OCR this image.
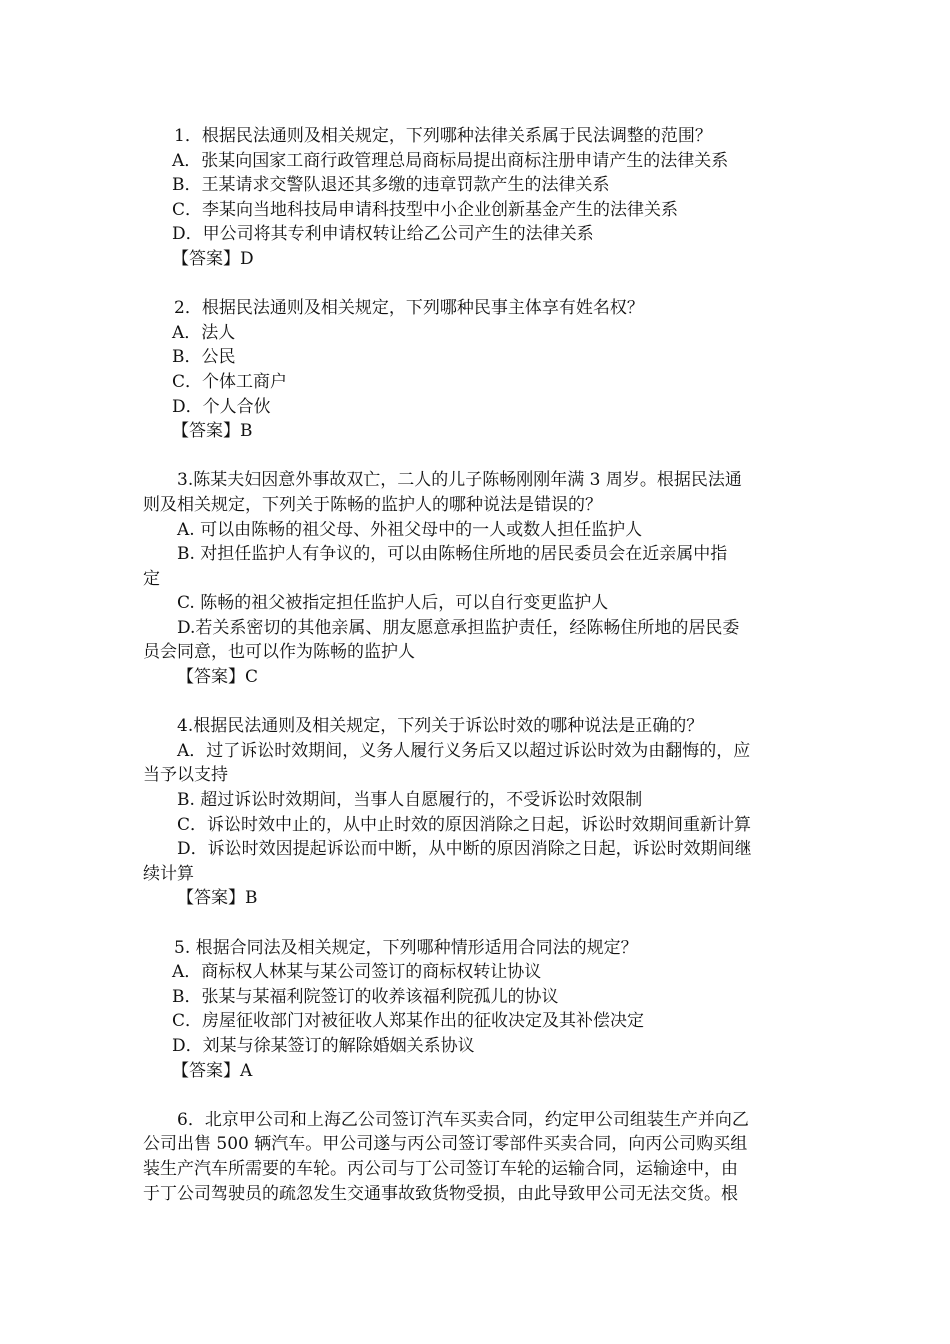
1．根据民法通则及相关规定，下列哪种法律关系属于民法调整的范围？
A．张某向国家工商行政管理总局商标局提出商标注册申请产生的法律关系
B．王某请求交警队退还其多缴的违章罚款产生的法律关系
C．李某向当地科技局申请科技型中小企业创新基金产生的法律关系
D．甲公司将其专利申请权转让给乙公司产生的法律关系
【答案】D
2．根据民法通则及相关规定，下列哪种民事主体享有姓名权？
A．法人
B．公民
C．个体工商户
D．个人合伙
【答案】B
3.陈某夫妇因意外事故双亡，二人的儿子陈畅刚刚年满 3 周岁。根据民法通
则及相关规定，下列关于陈畅的监护人的哪种说法是错误的？
A. 可以由陈畅的祖父母、外祖父母中的一人或数人担任监护人
B. 对担任监护人有争议的，可以由陈畅住所地的居民委员会在近亲属中指
定
C. 陈畅的祖父被指定担任监护人后，可以自行变更监护人
D.若关系密切的其他亲属、朋友愿意承担监护责任，经陈畅住所地的居民委
员会同意，也可以作为陈畅的监护人
【答案】C
4.根据民法通则及相关规定，下列关于诉讼时效的哪种说法是正确的？
A．过了诉讼时效期间，义务人履行义务后又以超过诉讼时效为由翻悔的，应
当予以支持
B. 超过诉讼时效期间，当事人自愿履行的，不受诉讼时效限制
C．诉讼时效中止的，从中止时效的原因消除之日起，诉讼时效期间重新计算
D．诉讼时效因提起诉讼而中断，从中断的原因消除之日起，诉讼时效期间继
续计算
【答案】B
5. 根据合同法及相关规定，下列哪种情形适用合同法的规定？
A．商标权人林某与某公司签订的商标权转让协议
B．张某与某福利院签订的收养该福利院孤儿的协议
C．房屋征收部门对被征收人郑某作出的征收决定及其补偿决定
D．刘某与徐某签订的解除婚姻关系协议
【答案】A
6．北京甲公司和上海乙公司签订汽车买卖合同，约定甲公司组装生产并向乙
公司出售 500 辆汽车。甲公司遂与丙公司签订零部件买卖合同，向丙公司购买组
装生产汽车所需要的车轮。丙公司与丁公司签订车轮的运输合同，运输途中，由
于丁公司驾驶员的疏忽发生交通事故致货物受损，由此导致甲公司无法交货。根
